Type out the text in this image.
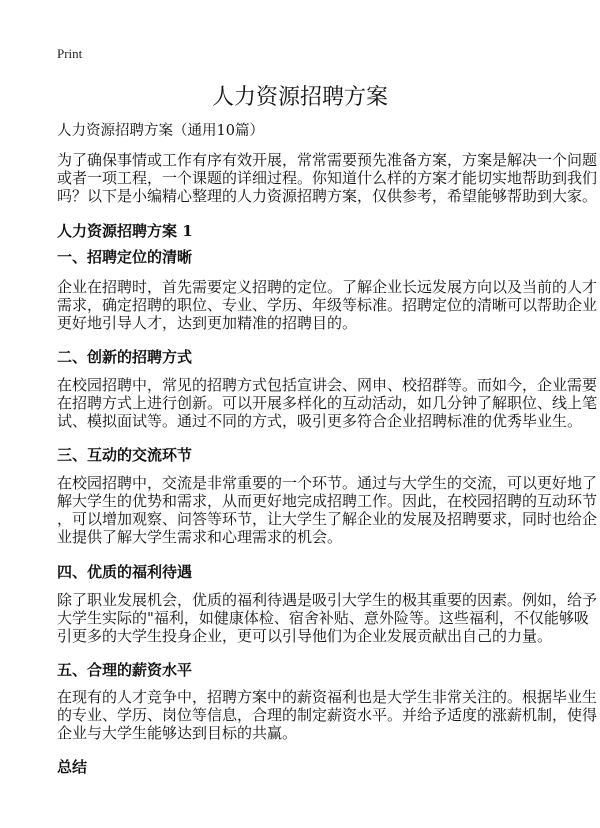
Print
人力资源招聘方案
人力资源招聘方案（通用10篇）
为了确保事情或工作有序有效开展，常常需要预先准备方案，方案是解决一个问题
或者一项工程，一个课题的详细过程。你知道什么样的方案才能切实地帮助到我们
吗？以下是小编精心整理的人力资源招聘方案，仅供参考，希望能够帮助到大家。
人力资源招聘方案 1
一、招聘定位的清晰
企业在招聘时，首先需要定义招聘的定位。了解企业长远发展方向以及当前的人才
需求，确定招聘的职位、专业、学历、年级等标准。招聘定位的清晰可以帮助企业
更好地引导人才，达到更加精准的招聘目的。
二、创新的招聘方式
在校园招聘中，常见的招聘方式包括宣讲会、网申、校招群等。而如今，企业需要
在招聘方式上进行创新。可以开展多样化的互动活动，如几分钟了解职位、线上笔
试、模拟面试等。通过不同的方式，吸引更多符合企业招聘标准的优秀毕业生。
三、互动的交流环节
在校园招聘中，交流是非常重要的一个环节。通过与大学生的交流，可以更好地了
解大学生的优势和需求，从而更好地完成招聘工作。因此，在校园招聘的互动环节
，可以增加观察、问答等环节，让大学生了解企业的发展及招聘要求，同时也给企
业提供了解大学生需求和心理需求的机会。
四、优质的福利待遇
除了职业发展机会，优质的福利待遇是吸引大学生的极其重要的因素。例如，给予
大学生实际的"福利，如健康体检、宿舍补贴、意外险等。这些福利，不仅能够吸
引更多的大学生投身企业，更可以引导他们为企业发展贡献出自己的力量。
五、合理的薪资水平
在现有的人才竞争中，招聘方案中的薪资福利也是大学生非常关注的。根据毕业生
的专业、学历、岗位等信息，合理的制定薪资水平。并给予适度的涨薪机制，使得
企业与大学生能够达到目标的共赢。
总结
